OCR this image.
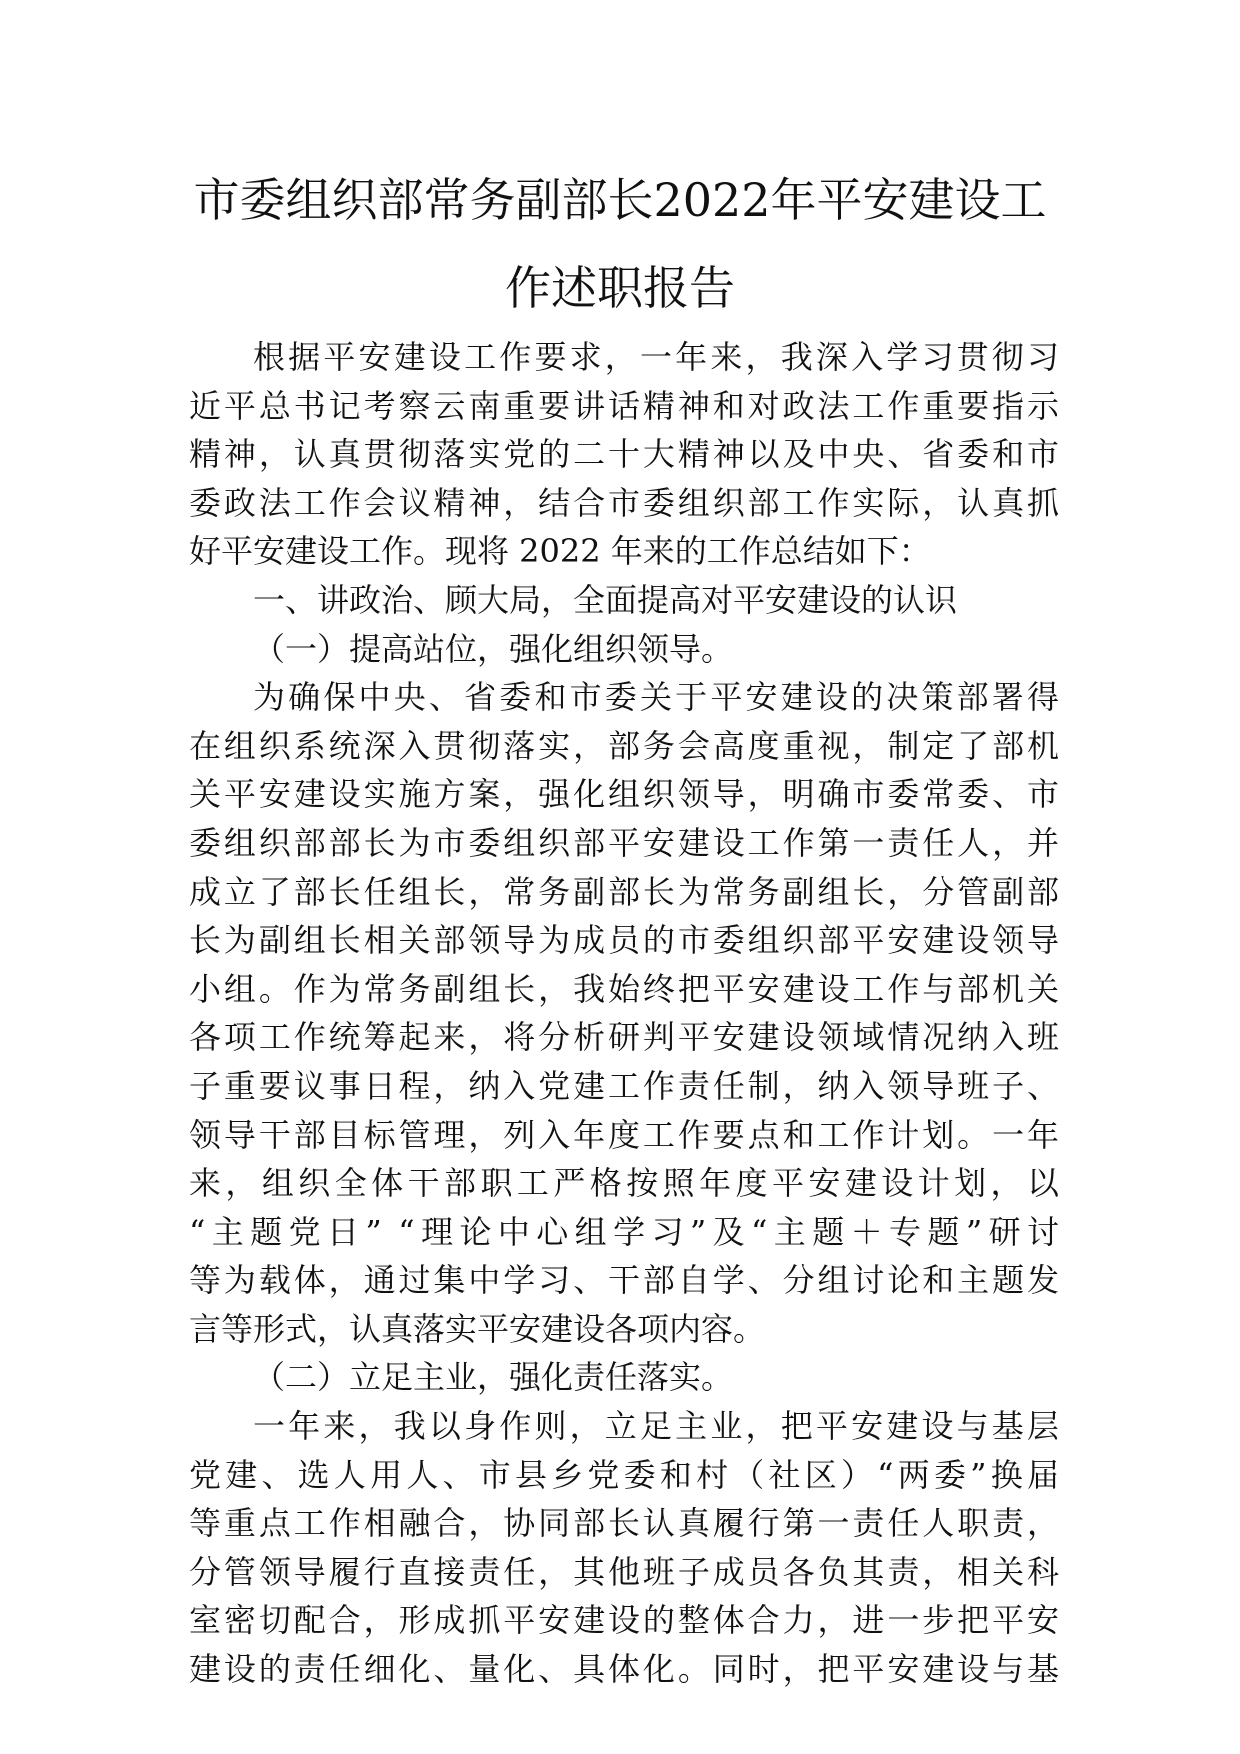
市委组织部常务副部长2022年平安建设工
作述职报告
根据平安建设工作要求，一年来，我深入学习贯彻习
近平总书记考察云南重要讲话精神和对政法工作重要指示
精神，认真贯彻落实党的二十大精神以及中央、省委和市
委政法工作会议精神，结合市委组织部工作实际，认真抓
好平安建设工作。现将 2022 年来的工作总结如下：
一、讲政治、顾大局，全面提高对平安建设的认识
（一）提高站位，强化组织领导。
为确保中央、省委和市委关于平安建设的决策部署得
在组织系统深入贯彻落实，部务会高度重视，制定了部机
关平安建设实施方案，强化组织领导，明确市委常委、市
委组织部部长为市委组织部平安建设工作第一责任人，并
成立了部长任组长，常务副部长为常务副组长，分管副部
长为副组长相关部领导为成员的市委组织部平安建设领导
小组。作为常务副组长，我始终把平安建设工作与部机关
各项工作统筹起来，将分析研判平安建设领域情况纳入班
子重要议事日程，纳入党建工作责任制，纳入领导班子、
领导干部目标管理，列入年度工作要点和工作计划。一年
来，组织全体干部职工严格按照年度平安建设计划，以
“主题党日” “理论中心组学习”及“主题＋专题”研讨
等为载体，通过集中学习、干部自学、分组讨论和主题发
言等形式，认真落实平安建设各项内容。
（二）立足主业，强化责任落实。
一年来，我以身作则，立足主业，把平安建设与基层
党建、选人用人、市县乡党委和村（社区）“两委”换届
等重点工作相融合，协同部长认真履行第一责任人职责，
分管领导履行直接责任，其他班子成员各负其责，相关科
室密切配合，形成抓平安建设的整体合力，进一步把平安
建设的责任细化、量化、具体化。同时，把平安建设与基
